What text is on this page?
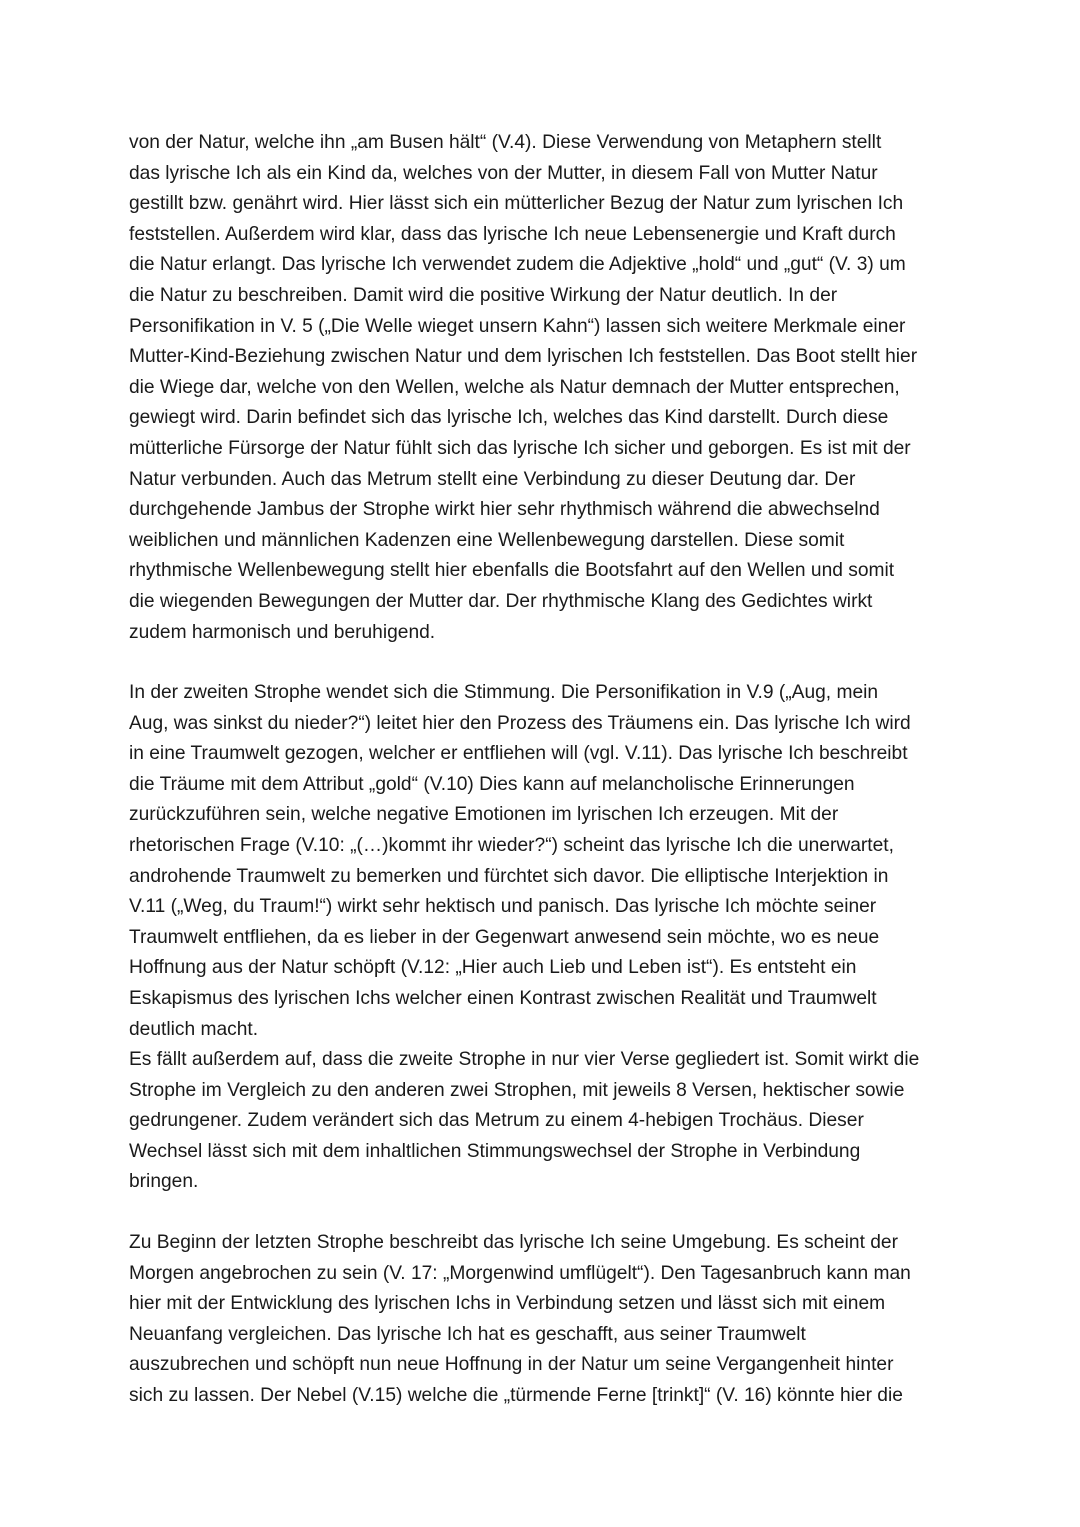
von der Natur, welche ihn „am Busen hält“ (V.4). Diese Verwendung von Metaphern stellt
das lyrische Ich als ein Kind da, welches von der Mutter, in diesem Fall von Mutter Natur
gestillt bzw. genährt wird. Hier lässt sich ein mütterlicher Bezug der Natur zum lyrischen Ich
feststellen. Außerdem wird klar, dass das lyrische Ich neue Lebensenergie und Kraft durch
die Natur erlangt. Das lyrische Ich verwendet zudem die Adjektive „hold“ und „gut“ (V. 3) um
die Natur zu beschreiben. Damit wird die positive Wirkung der Natur deutlich. In der
Personifikation in V. 5 („Die Welle wieget unsern Kahn“) lassen sich weitere Merkmale einer
Mutter-Kind-Beziehung zwischen Natur und dem lyrischen Ich feststellen. Das Boot stellt hier
die Wiege dar, welche von den Wellen, welche als Natur demnach der Mutter entsprechen,
gewiegt wird. Darin befindet sich das lyrische Ich, welches das Kind darstellt. Durch diese
mütterliche Fürsorge der Natur fühlt sich das lyrische Ich sicher und geborgen. Es ist mit der
Natur verbunden. Auch das Metrum stellt eine Verbindung zu dieser Deutung dar. Der
durchgehende Jambus der Strophe wirkt hier sehr rhythmisch während die abwechselnd
weiblichen und männlichen Kadenzen eine Wellenbewegung darstellen. Diese somit
rhythmische Wellenbewegung stellt hier ebenfalls die Bootsfahrt auf den Wellen und somit
die wiegenden Bewegungen der Mutter dar. Der rhythmische Klang des Gedichtes wirkt
zudem harmonisch und beruhigend.
In der zweiten Strophe wendet sich die Stimmung. Die Personifikation in V.9 („Aug, mein
Aug, was sinkst du nieder?“) leitet hier den Prozess des Träumens ein. Das lyrische Ich wird
in eine Traumwelt gezogen, welcher er entfliehen will (vgl. V.11). Das lyrische Ich beschreibt
die Träume mit dem Attribut „gold“ (V.10) Dies kann auf melancholische Erinnerungen
zurückzuführen sein, welche negative Emotionen im lyrischen Ich erzeugen. Mit der
rhetorischen Frage (V.10: „(…)kommt ihr wieder?“) scheint das lyrische Ich die unerwartet,
androhende Traumwelt zu bemerken und fürchtet sich davor. Die elliptische Interjektion in
V.11 („Weg, du Traum!“) wirkt sehr hektisch und panisch. Das lyrische Ich möchte seiner
Traumwelt entfliehen, da es lieber in der Gegenwart anwesend sein möchte, wo es neue
Hoffnung aus der Natur schöpft (V.12: „Hier auch Lieb und Leben ist“). Es entsteht ein
Eskapismus des lyrischen Ichs welcher einen Kontrast zwischen Realität und Traumwelt
deutlich macht.
Es fällt außerdem auf, dass die zweite Strophe in nur vier Verse gegliedert ist. Somit wirkt die
Strophe im Vergleich zu den anderen zwei Strophen, mit jeweils 8 Versen, hektischer sowie
gedrungener. Zudem verändert sich das Metrum zu einem 4-hebigen Trochäus. Dieser
Wechsel lässt sich mit dem inhaltlichen Stimmungswechsel der Strophe in Verbindung
bringen.
Zu Beginn der letzten Strophe beschreibt das lyrische Ich seine Umgebung. Es scheint der
Morgen angebrochen zu sein (V. 17: „Morgenwind umflügelt“). Den Tagesanbruch kann man
hier mit der Entwicklung des lyrischen Ichs in Verbindung setzen und lässt sich mit einem
Neuanfang vergleichen. Das lyrische Ich hat es geschafft, aus seiner Traumwelt
auszubrechen und schöpft nun neue Hoffnung in der Natur um seine Vergangenheit hinter
sich zu lassen. Der Nebel (V.15) welche die „türmende Ferne [trinkt]“ (V. 16) könnte hier die
